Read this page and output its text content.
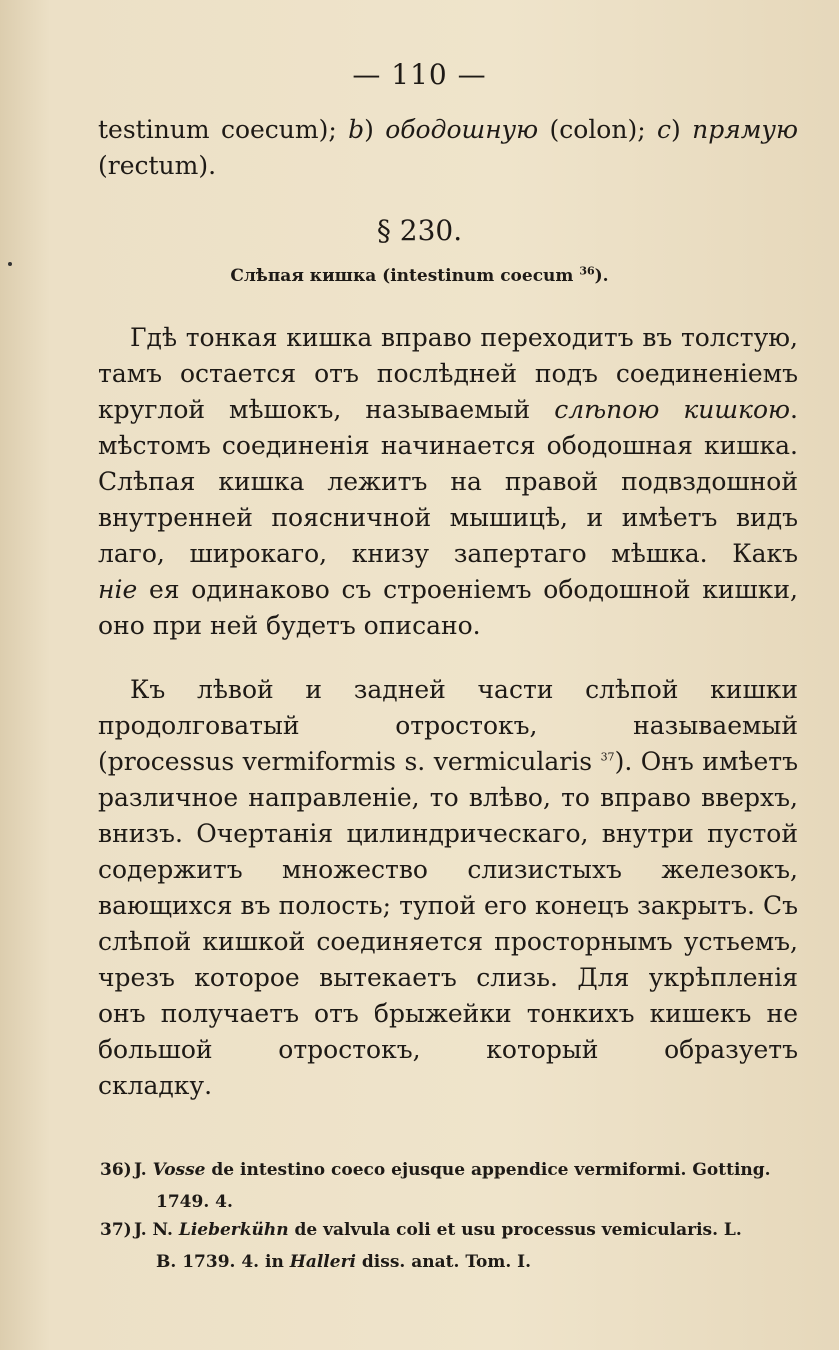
— 110 —
testinum coecum); b) ободошную (colon); c) прямую
(rectum).
§ 230.
Слѣпая кишка (intestinum coecum $^{36}$).
Гдѣ тонкая кишка вправо переходитъ въ толстую,
тамъ остается отъ послѣдней подъ соединеніемъ
круглой мѣшокъ, называемый слѣпою кишкою.
мѣстомъ соединенія начинается ободошная кишка.
Слѣпая кишка лежитъ на правой подвздошной
внутренней поясничной мышицѣ, и имѣетъ видъ
лаго, широкаго, книзу запертаго мѣшка. Какъ
ніе ея одинаково съ строеніемъ ободошной кишки,
оно при ней будетъ описано.
Къ лѣвой и задней части слѣпой кишки
продолговатый отростокъ, называемый
(processus vermiformis s. vermicularis $^{37}$). Онъ имѣетъ
различное направленіе, то влѣво, то вправо вверхъ,
внизъ. Очертанія цилиндрическаго, внутри пустой
содержитъ множество слизистыхъ железокъ,
вающихся въ полость; тупой его конецъ закрытъ. Съ
слѣпой кишкой соединяется просторнымъ устьемъ,
чрезъ которое вытекаетъ слизь. Для укрѣпленія
онъ получаетъ отъ брыжейки тонкихъ кишекъ не
большой отростокъ, который образуетъ
складку.
36) J. Vosse de intestino coeco ejusque appendice vermiformi. Gotting.
1749. 4.
37) J. N. Lieberkühn de valvula coli et usu processus vemicularis. L.
B. 1739. 4. in Halleri diss. anat. Tom. I.
